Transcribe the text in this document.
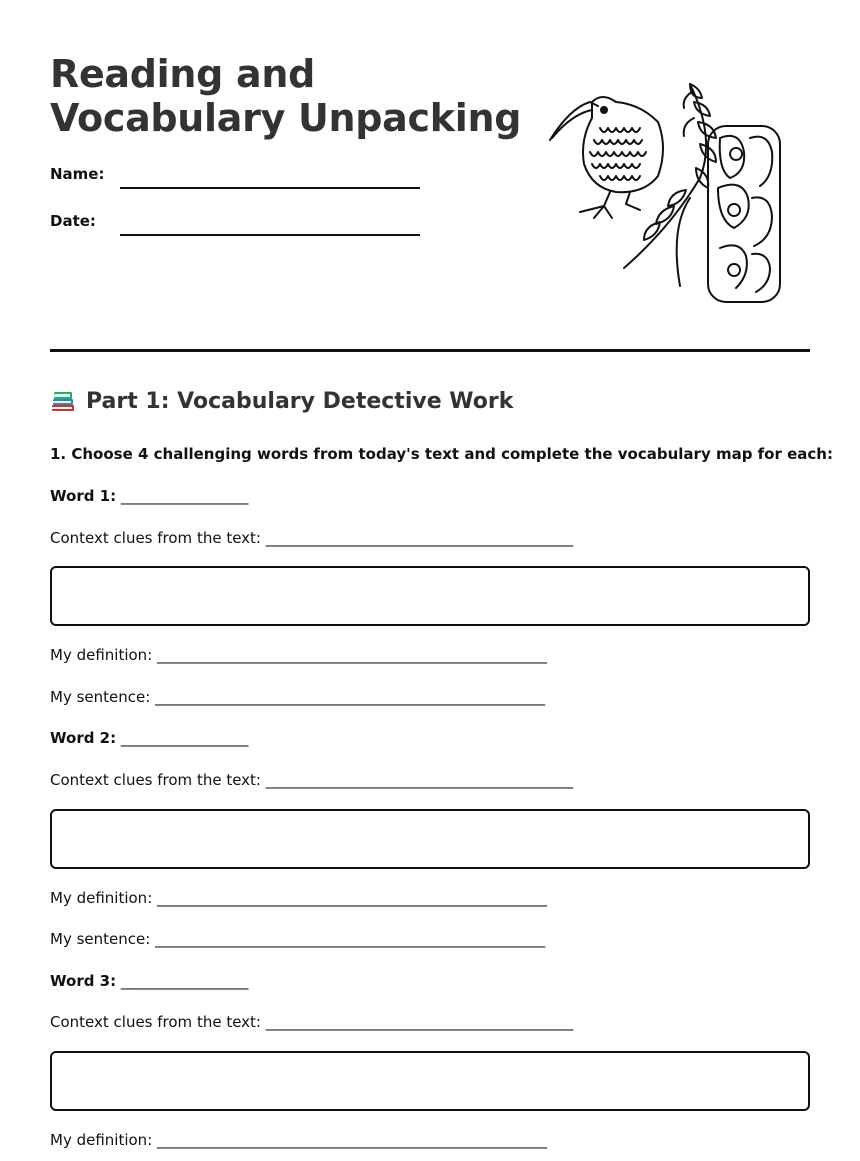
Reading and Vocabulary Unpacking
Name:
Date:
Part 1: Vocabulary Detective Work
1. Choose 4 challenging words from today's text and complete the vocabulary map for each:
Word 1: _________________
Context clues from the text: _________________________________________
My definition: ____________________________________________________
My sentence: ____________________________________________________
Word 2: _________________
Context clues from the text: _________________________________________
My definition: ____________________________________________________
My sentence: ____________________________________________________
Word 3: _________________
Context clues from the text: _________________________________________
My definition: ____________________________________________________
